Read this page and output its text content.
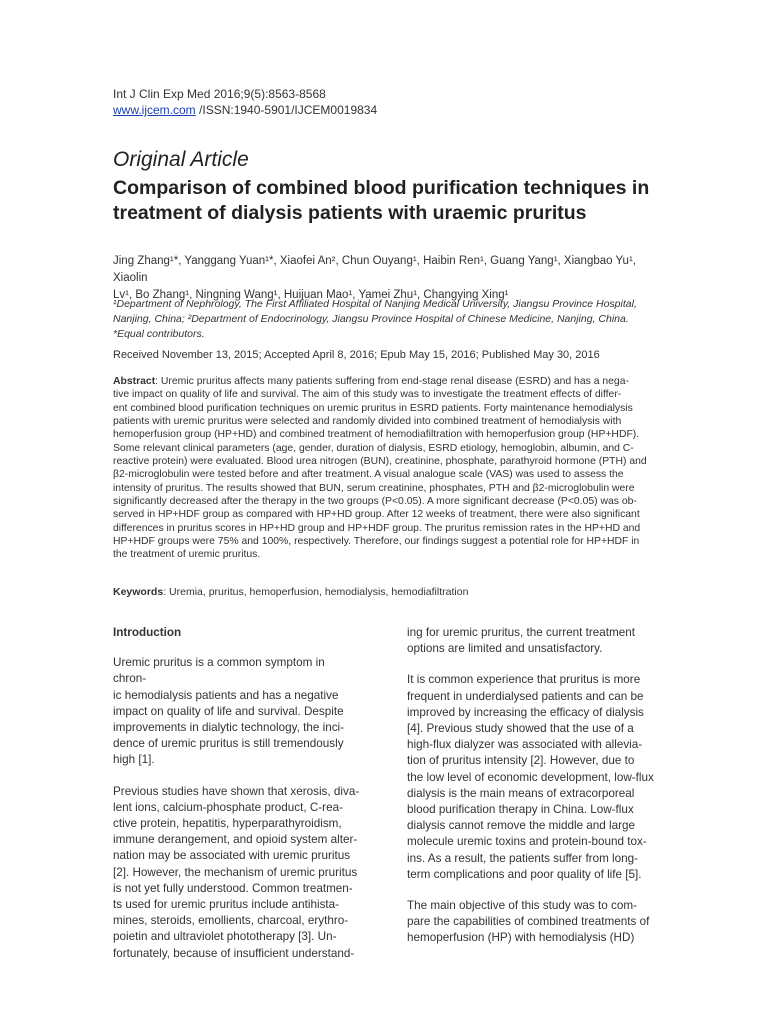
Int J Clin Exp Med 2016;9(5):8563-8568
www.ijcem.com /ISSN:1940-5901/IJCEM0019834
Original Article
Comparison of combined blood purification techniques in treatment of dialysis patients with uraemic pruritus
Jing Zhang¹*, Yanggang Yuan¹*, Xiaofei An², Chun Ouyang¹, Haibin Ren¹, Guang Yang¹, Xiangbao Yu¹, Xiaolin
Lv¹, Bo Zhang¹, Ningning Wang¹, Huijuan Mao¹, Yamei Zhu¹, Changying Xing¹
¹Department of Nephrology, The First Affiliated Hospital of Nanjing Medical University, Jiangsu Province Hospital,
Nanjing, China; ²Department of Endocrinology, Jiangsu Province Hospital of Chinese Medicine, Nanjing, China.
*Equal contributors.
Received November 13, 2015; Accepted April 8, 2016; Epub May 15, 2016; Published May 30, 2016
Abstract: Uremic pruritus affects many patients suffering from end-stage renal disease (ESRD) and has a nega-
tive impact on quality of life and survival. The aim of this study was to investigate the treatment effects of differ-
ent combined blood purification techniques on uremic pruritus in ESRD patients. Forty maintenance hemodialysis
patients with uremic pruritus were selected and randomly divided into combined treatment of hemodialysis with
hemoperfusion group (HP+HD) and combined treatment of hemodiafiltration with hemoperfusion group (HP+HDF).
Some relevant clinical parameters (age, gender, duration of dialysis, ESRD etiology, hemoglobin, albumin, and C-
reactive protein) were evaluated. Blood urea nitrogen (BUN), creatinine, phosphate, parathyroid hormone (PTH) and
β2-microglobulin were tested before and after treatment. A visual analogue scale (VAS) was used to assess the
intensity of pruritus. The results showed that BUN, serum creatinine, phosphates, PTH and β2-microglobulin were
significantly decreased after the therapy in the two groups (P<0.05). A more significant decrease (P<0.05) was ob-
served in HP+HDF group as compared with HP+HD group. After 12 weeks of treatment, there were also significant
differences in pruritus scores in HP+HD group and HP+HDF group. The pruritus remission rates in the HP+HD and
HP+HDF groups were 75% and 100%, respectively. Therefore, our findings suggest a potential role for HP+HDF in
the treatment of uremic pruritus.
Keywords: Uremia, pruritus, hemoperfusion, hemodialysis, hemodiafiltration

Introduction

Uremic pruritus is a common symptom in chron-
ic hemodialysis patients and has a negative
impact on quality of life and survival. Despite
improvements in dialytic technology, the inci-
dence of uremic pruritus is still tremendously
high [1].

Previous studies have shown that xerosis, diva-
lent ions, calcium-phosphate product, C-rea-
ctive protein, hepatitis, hyperparathyroidism,
immune derangement, and opioid system alter-
nation may be associated with uremic pruritus
[2]. However, the mechanism of uremic pruritus
is not yet fully understood. Common treatmen-
ts used for uremic pruritus include antihista-
mines, steroids, emollients, charcoal, erythro-
poietin and ultraviolet phototherapy [3]. Un-
fortunately, because of insufficient understand-

ing for uremic pruritus, the current treatment
options are limited and unsatisfactory.

It is common experience that pruritus is more
frequent in underdialysed patients and can be
improved by increasing the efficacy of dialysis
[4]. Previous study showed that the use of a
high-flux dialyzer was associated with allevia-
tion of pruritus intensity [2]. However, due to
the low level of economic development, low-flux
dialysis is the main means of extracorporeal
blood purification therapy in China. Low-flux
dialysis cannot remove the middle and large
molecule uremic toxins and protein-bound tox-
ins. As a result, the patients suffer from long-
term complications and poor quality of life [5].

The main objective of this study was to com-
pare the capabilities of combined treatments of
hemoperfusion (HP) with hemodialysis (HD)
